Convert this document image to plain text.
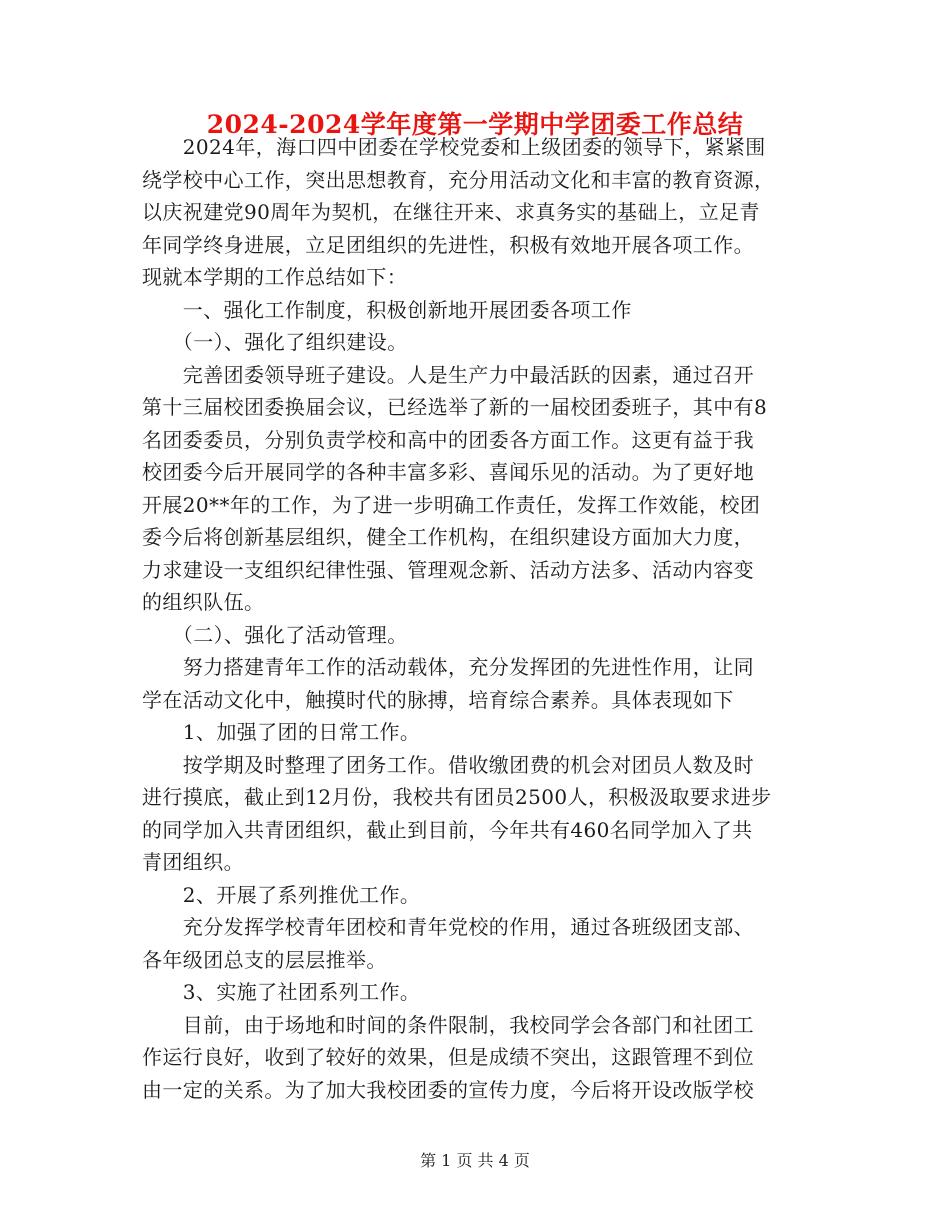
2024-2024学年度第一学期中学团委工作总结
　　2024年，海口四中团委在学校党委和上级团委的领导下，紧紧围
绕学校中心工作，突出思想教育，充分用活动文化和丰富的教育资源，
以庆祝建党90周年为契机，在继往开来、求真务实的基础上，立足青
年同学终身进展，立足团组织的先进性，积极有效地开展各项工作。
现就本学期的工作总结如下：
　　一、强化工作制度，积极创新地开展团委各项工作
　　（一）、强化了组织建设。
　　完善团委领导班子建设。人是生产力中最活跃的因素，通过召开
第十三届校团委换届会议，已经选举了新的一届校团委班子，其中有8
名团委委员，分别负责学校和高中的团委各方面工作。这更有益于我
校团委今后开展同学的各种丰富多彩、喜闻乐见的活动。为了更好地
开展20**年的工作，为了进一步明确工作责任，发挥工作效能，校团
委今后将创新基层组织，健全工作机构，在组织建设方面加大力度，
力求建设一支组织纪律性强、管理观念新、活动方法多、活动内容变
的组织队伍。
　　（二）、强化了活动管理。
　　努力搭建青年工作的活动载体，充分发挥团的先进性作用，让同
学在活动文化中，触摸时代的脉搏，培育综合素养。具体表现如下
　　1、加强了团的日常工作。
　　按学期及时整理了团务工作。借收缴团费的机会对团员人数及时
进行摸底，截止到12月份，我校共有团员2500人，积极汲取要求进步
的同学加入共青团组织，截止到目前，今年共有460名同学加入了共
青团组织。
　　2、开展了系列推优工作。
　　充分发挥学校青年团校和青年党校的作用，通过各班级团支部、
各年级团总支的层层推举。
　　3、实施了社团系列工作。
　　目前，由于场地和时间的条件限制，我校同学会各部门和社团工
作运行良好，收到了较好的效果，但是成绩不突出，这跟管理不到位
由一定的关系。为了加大我校团委的宣传力度，今后将开设改版学校
第 1 页 共 4 页
